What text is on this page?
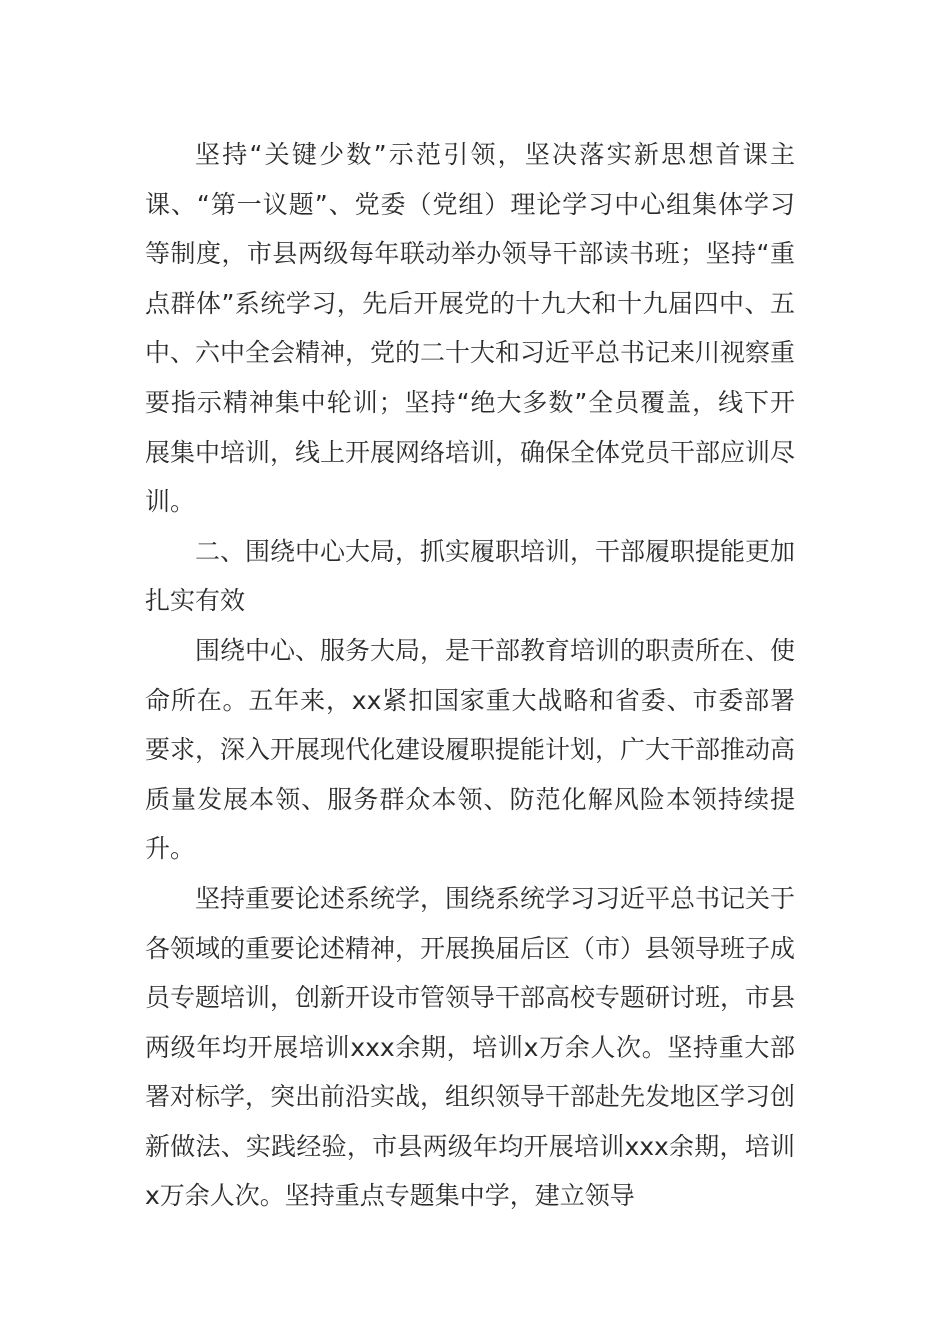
坚持“关键少数”示范引领，坚决落实新思想首课主课、“第一议题”、党委（党组）理论学习中心组集体学习等制度，市县两级每年联动举办领导干部读书班；坚持“重点群体”系统学习，先后开展党的十九大和十九届四中、五中、六中全会精神，党的二十大和习近平总书记来川视察重要指示精神集中轮训；坚持“绝大多数”全员覆盖，线下开展集中培训，线上开展网络培训，确保全体党员干部应训尽训。

二、围绕中心大局，抓实履职培训，干部履职提能更加扎实有效

围绕中心、服务大局，是干部教育培训的职责所在、使命所在。五年来，xx紧扣国家重大战略和省委、市委部署要求，深入开展现代化建设履职提能计划，广大干部推动高质量发展本领、服务群众本领、防范化解风险本领持续提升。

坚持重要论述系统学，围绕系统学习习近平总书记关于各领域的重要论述精神，开展换届后区（市）县领导班子成员专题培训，创新开设市管领导干部高校专题研讨班，市县两级年均开展培训xxx余期，培训x万余人次。坚持重大部署对标学，突出前沿实战，组织领导干部赴先发地区学习创新做法、实践经验，市县两级年均开展培训xxx余期，培训x万余人次。坚持重点专题集中学，建立领导
